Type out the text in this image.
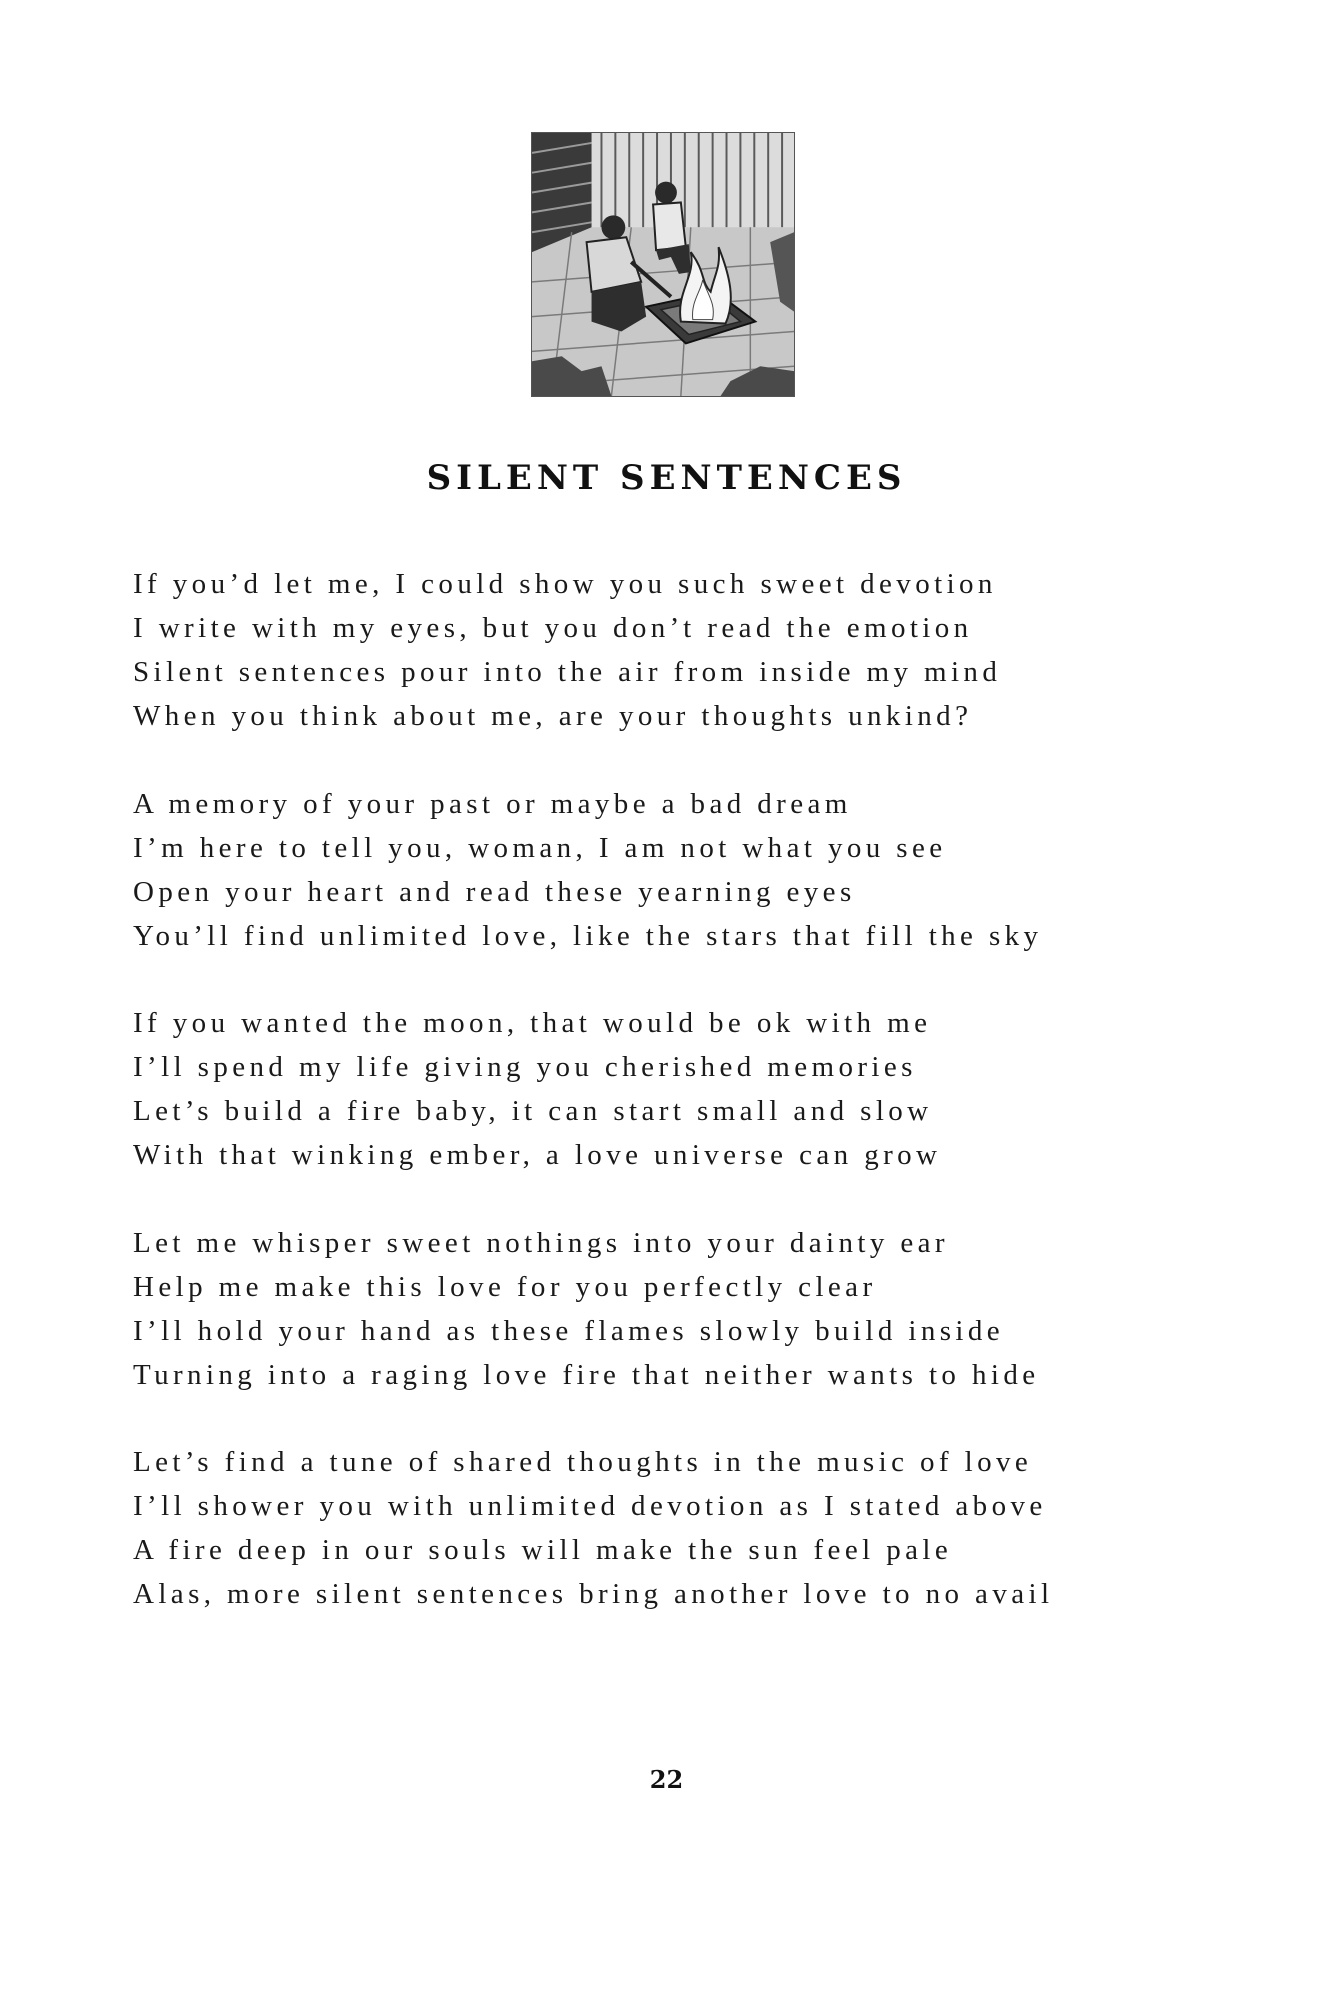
SILENT SENTENCES
If you’d let me, I could show you such sweet devotion
I write with my eyes, but you don’t read the emotion
Silent sentences pour into the air from inside my mind
When you think about me, are your thoughts unkind?
A memory of your past or maybe a bad dream
I’m here to tell you, woman, I am not what you see
Open your heart and read these yearning eyes
You’ll find unlimited love, like the stars that fill the sky
If you wanted the moon, that would be ok with me
I’ll spend my life giving you cherished memories
Let’s build a fire baby, it can start small and slow
With that winking ember, a love universe can grow
Let me whisper sweet nothings into your dainty ear
Help me make this love for you perfectly clear
I’ll hold your hand as these flames slowly build inside
Turning into a raging love fire that neither wants to hide
Let’s find a tune of shared thoughts in the music of love
I’ll shower you with unlimited devotion as I stated above
A fire deep in our souls will make the sun feel pale
Alas, more silent sentences bring another love to no avail
22
